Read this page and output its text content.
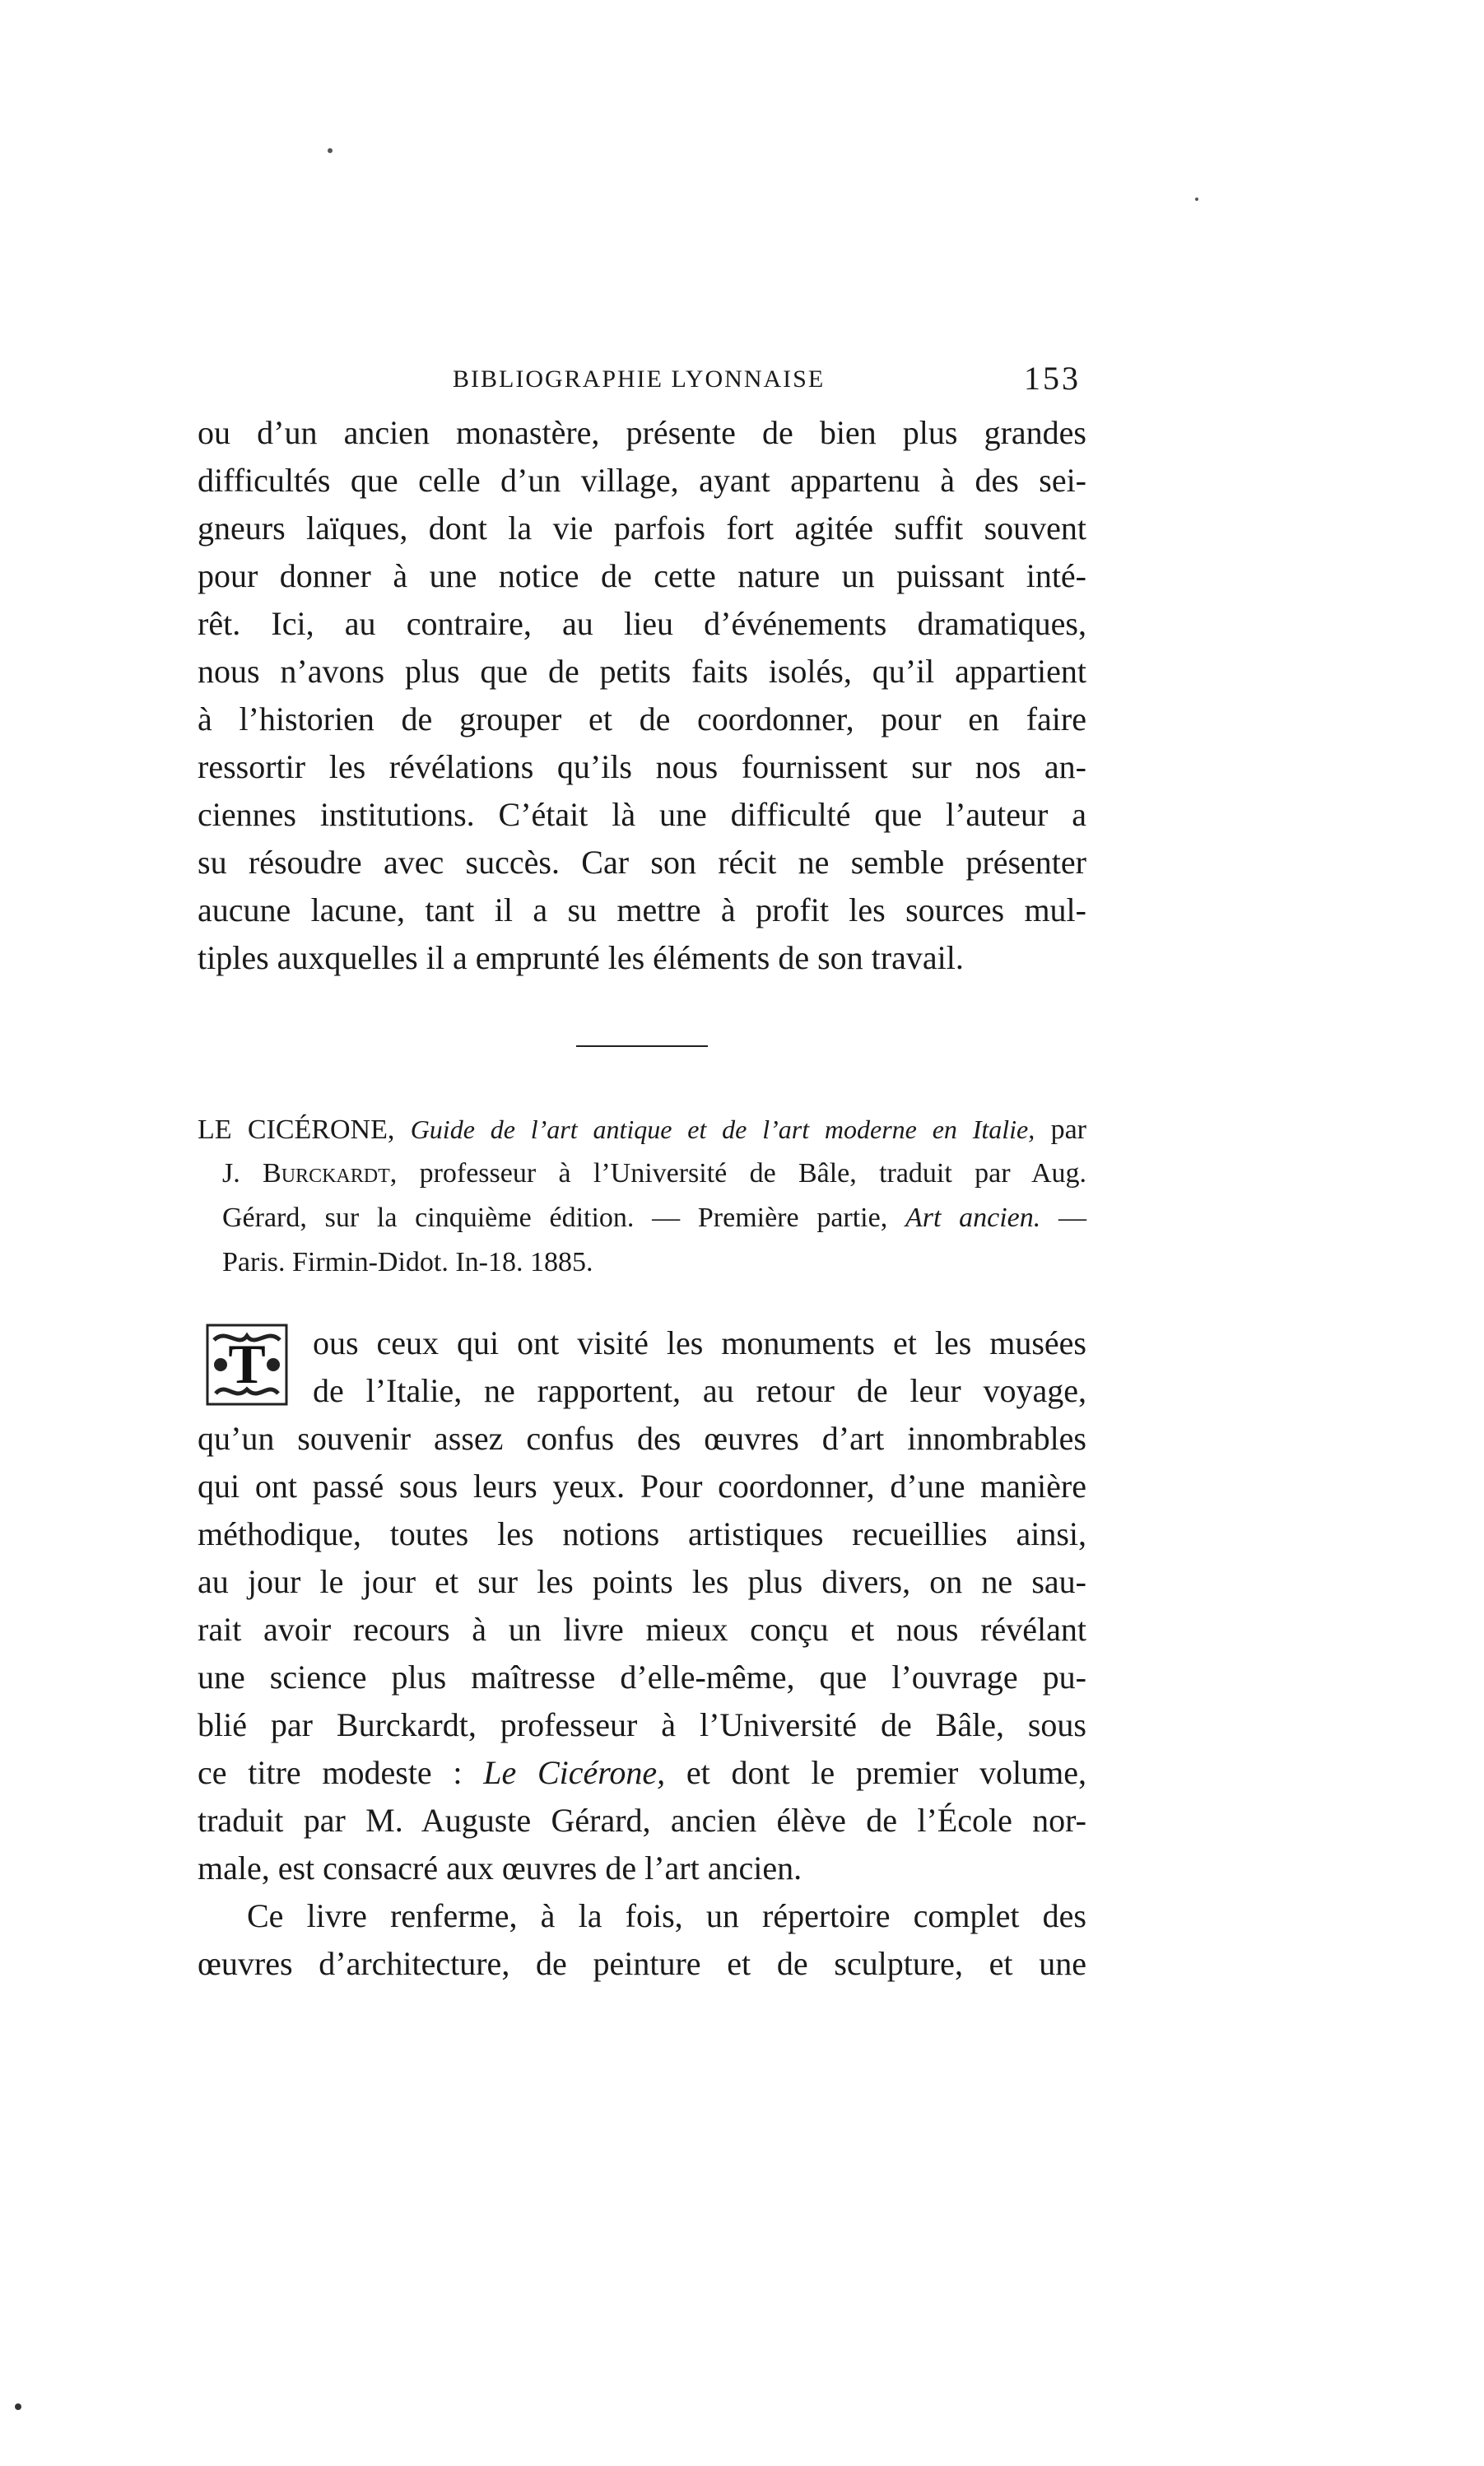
BIBLIOGRAPHIE LYONNAISE	153
ou d’un ancien monastère, présente de bien plus grandes
difficultés que celle d’un village, ayant appartenu à des sei-
gneurs laïques, dont la vie parfois fort agitée suffit souvent
pour donner à une notice de cette nature un puissant inté-
rêt. Ici, au contraire, au lieu d’événements dramatiques,
nous n’avons plus que de petits faits isolés, qu’il appartient
à l’historien de grouper et de coordonner, pour en faire
ressortir les révélations qu’ils nous fournissent sur nos an-
ciennes institutions. C’était là une difficulté que l’auteur a
su résoudre avec succès. Car son récit ne semble présenter
aucune lacune, tant il a su mettre à profit les sources mul-
tiples auxquelles il a emprunté les éléments de son travail.
LE CICÉRONE, Guide de l’art antique et de l’art moderne en Italie, par
J. Burckardt, professeur à l’Université de Bâle, traduit par Aug.
Gérard, sur la cinquième édition. — Première partie, Art ancien. —
Paris. Firmin-Didot. In-18. 1885.
T ous ceux qui ont visité les monuments et les musées
de l’Italie, ne rapportent, au retour de leur voyage,
qu’un souvenir assez confus des œuvres d’art innombrables
qui ont passé sous leurs yeux. Pour coordonner, d’une manière
méthodique, toutes les notions artistiques recueillies ainsi,
au jour le jour et sur les points les plus divers, on ne sau-
rait avoir recours à un livre mieux conçu et nous révélant
une science plus maîtresse d’elle-même, que l’ouvrage pu-
blié par Burckardt, professeur à l’Université de Bâle, sous
ce titre modeste : Le Cicérone, et dont le premier volume,
traduit par M. Auguste Gérard, ancien élève de l’École nor-
male, est consacré aux œuvres de l’art ancien.
Ce livre renferme, à la fois, un répertoire complet des
œuvres d’architecture, de peinture et de sculpture, et une
